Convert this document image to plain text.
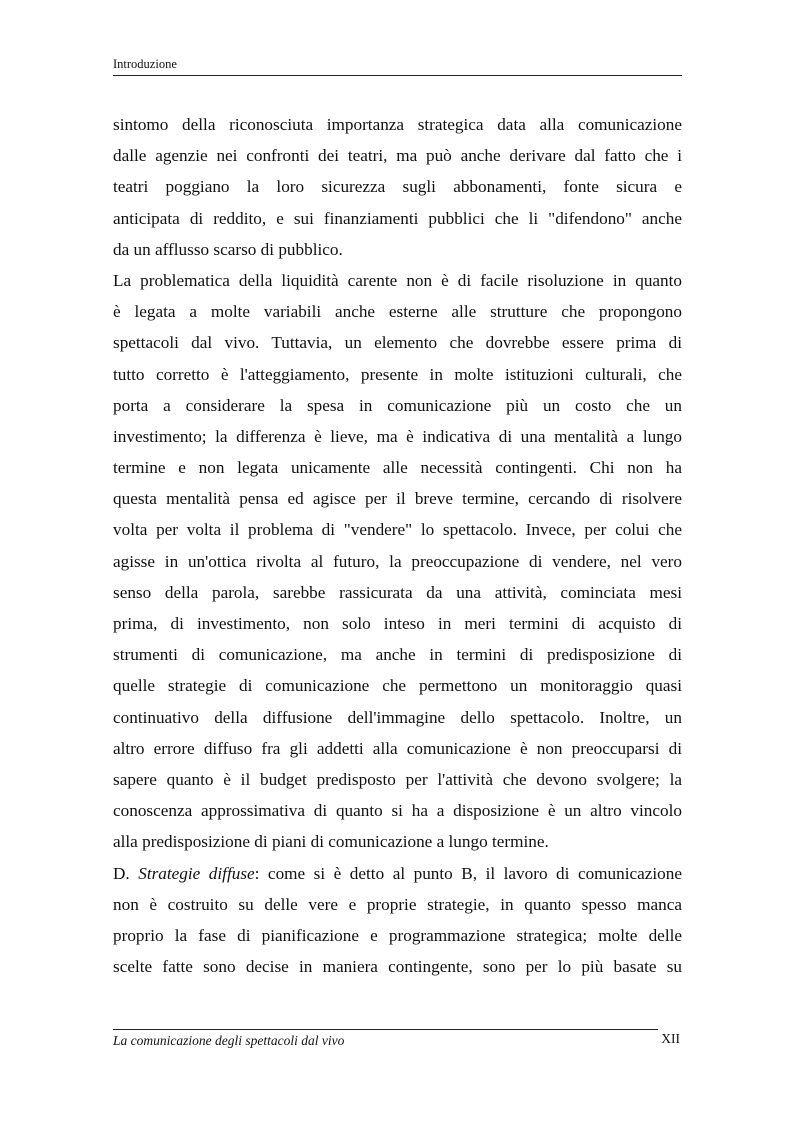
Introduzione
sintomo della riconosciuta importanza strategica data alla comunicazione
dalle agenzie nei confronti dei teatri, ma può anche derivare dal fatto che i
teatri poggiano la loro sicurezza sugli abbonamenti, fonte sicura e
anticipata di reddito, e sui finanziamenti pubblici che li "difendono" anche
da un afflusso scarso di pubblico.
La problematica della liquidità carente non è di facile risoluzione in quanto
è legata a molte variabili anche esterne alle strutture che propongono
spettacoli dal vivo. Tuttavia, un elemento che dovrebbe essere prima di
tutto corretto è l'atteggiamento, presente in molte istituzioni culturali, che
porta a considerare la spesa in comunicazione più un costo che un
investimento; la differenza è lieve, ma è indicativa di una mentalità a lungo
termine e non legata unicamente alle necessità contingenti. Chi non ha
questa mentalità pensa ed agisce per il breve termine, cercando di risolvere
volta per volta il problema di "vendere" lo spettacolo. Invece, per colui che
agisse in un'ottica rivolta al futuro, la preoccupazione di vendere, nel vero
senso della parola, sarebbe rassicurata da una attività, cominciata mesi
prima, di investimento, non solo inteso in meri termini di acquisto di
strumenti di comunicazione, ma anche in termini di predisposizione di
quelle strategie di comunicazione che permettono un monitoraggio quasi
continuativo della diffusione dell'immagine dello spettacolo. Inoltre, un
altro errore diffuso fra gli addetti alla comunicazione è non preoccuparsi di
sapere quanto è il budget predisposto per l'attività che devono svolgere; la
conoscenza approssimativa di quanto si ha a disposizione è un altro vincolo
alla predisposizione di piani di comunicazione a lungo termine.
D. Strategie diffuse: come si è detto al punto B, il lavoro di comunicazione
non è costruito su delle vere e proprie strategie, in quanto spesso manca
proprio la fase di pianificazione e programmazione strategica; molte delle
scelte fatte sono decise in maniera contingente, sono per lo più basate su
La comunicazione degli spettacoli dal vivo	XII
